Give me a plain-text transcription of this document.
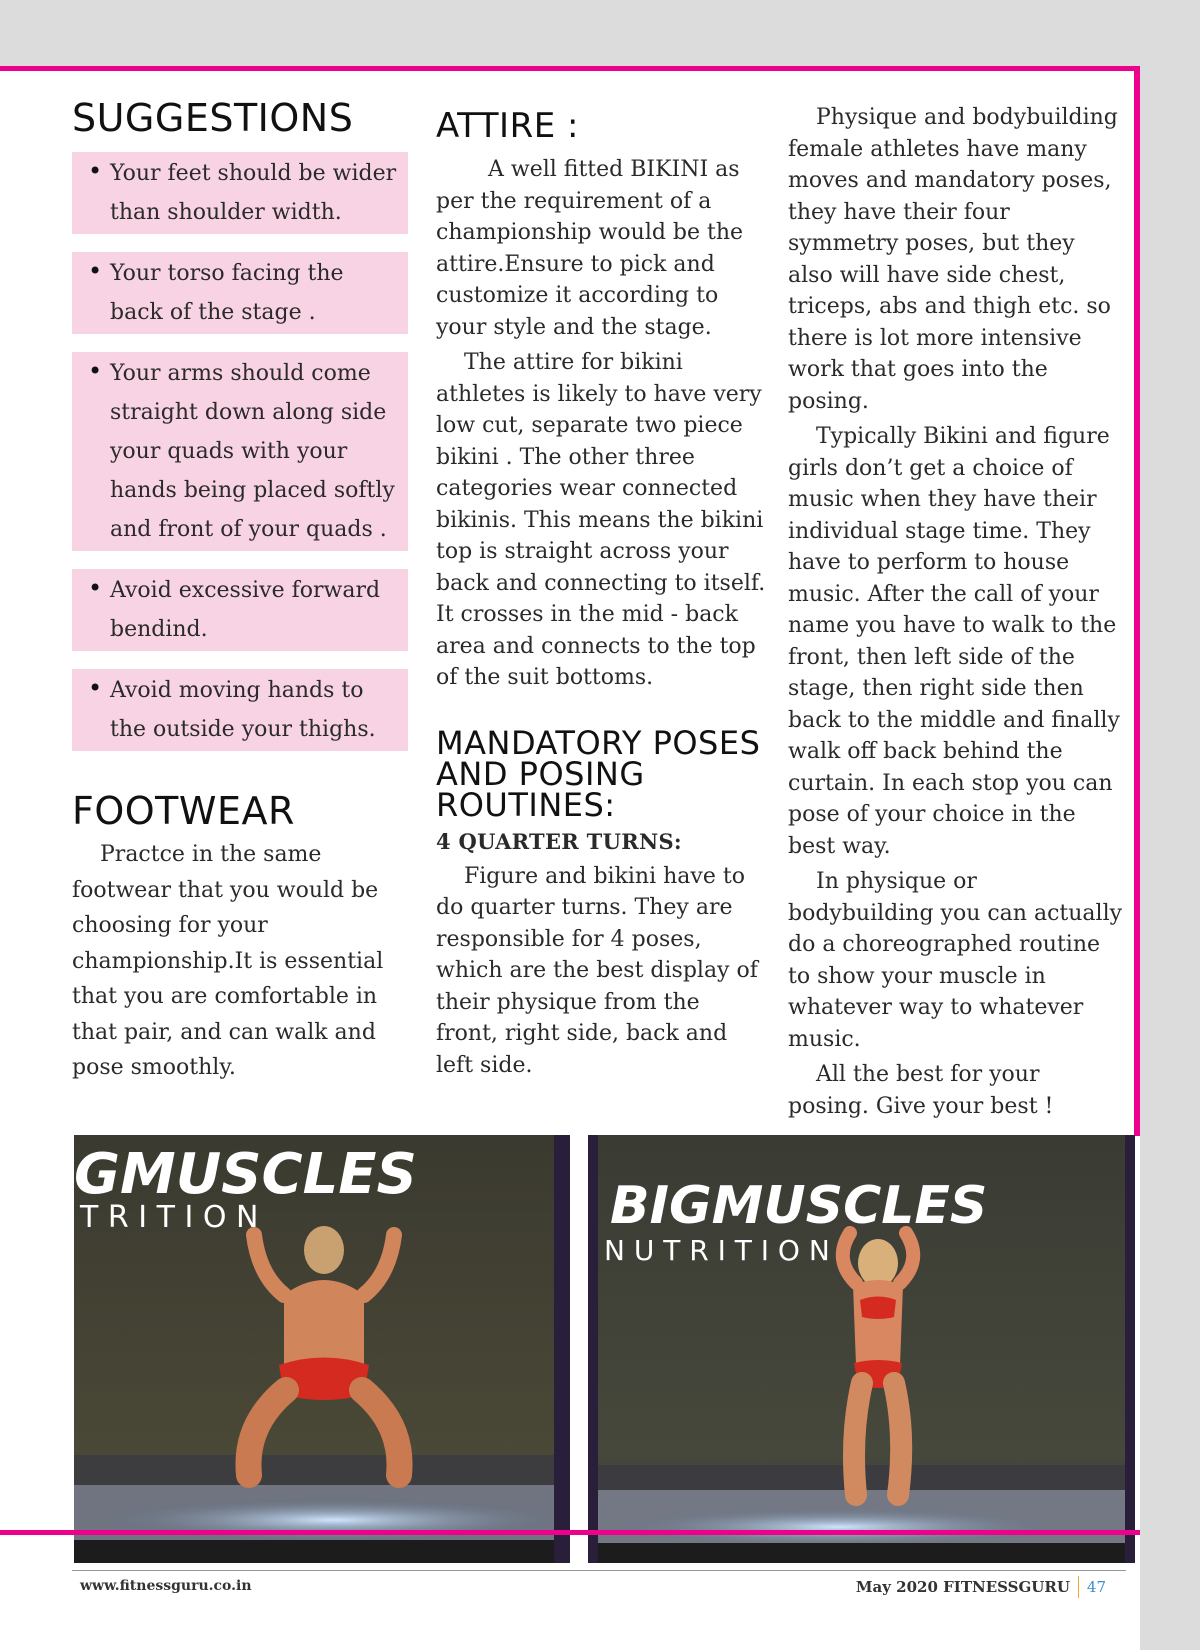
SUGGESTIONS
• Your feet should be wider than shoulder width.
• Your torso facing the back of the stage .
• Your arms should come straight down along side your quads with your hands being placed softly and front of your quads .
• Avoid excessive forward bendind.
• Avoid moving hands to the outside your thighs.
FOOTWEAR

Practce in the same footwear that you would be choosing for your championship.It is essential that you are comfortable in that pair, and can walk and pose smoothly.

ATTIRE :

A well fitted BIKINI as per the requirement of a championship would be the attire.Ensure to pick and customize it according to your style and the stage.

The attire for bikini athletes is likely to have very low cut, separate two piece bikini . The other three categories wear connected bikinis. This means the bikini top is straight across your back and connecting to itself. It crosses in the mid - back area and connects to the top of the suit bottoms.

MANDATORY POSES AND POSING ROUTINES:

4 QUARTER TURNS:

Figure and bikini have to do quarter turns. They are responsible for 4 poses, which are the best display of their physique from the front, right side, back and left side.

Physique and bodybuilding female athletes have many moves and mandatory poses, they have their four symmetry poses, but they also will have side chest, triceps, abs and thigh etc. so there is lot more intensive work that goes into the posing.

Typically Bikini and figure girls don’t get a choice of music when they have their individual stage time. They have to perform to house music. After the call of your name you have to walk to the front, then left side of the stage, then right side then back to the middle and finally walk off back behind the curtain. In each stop you can pose of your choice in the best way.

In physique or bodybuilding you can actually do a choreographed routine to show your muscle in whatever way to whatever music.

All the best for your posing. Give your best !

GMUSCLES
T R I T I O N	BIGMUSCLES
N U T R I T I O N
www.fitnessguru.co.in	May 2020 FITNESSGURU 47
